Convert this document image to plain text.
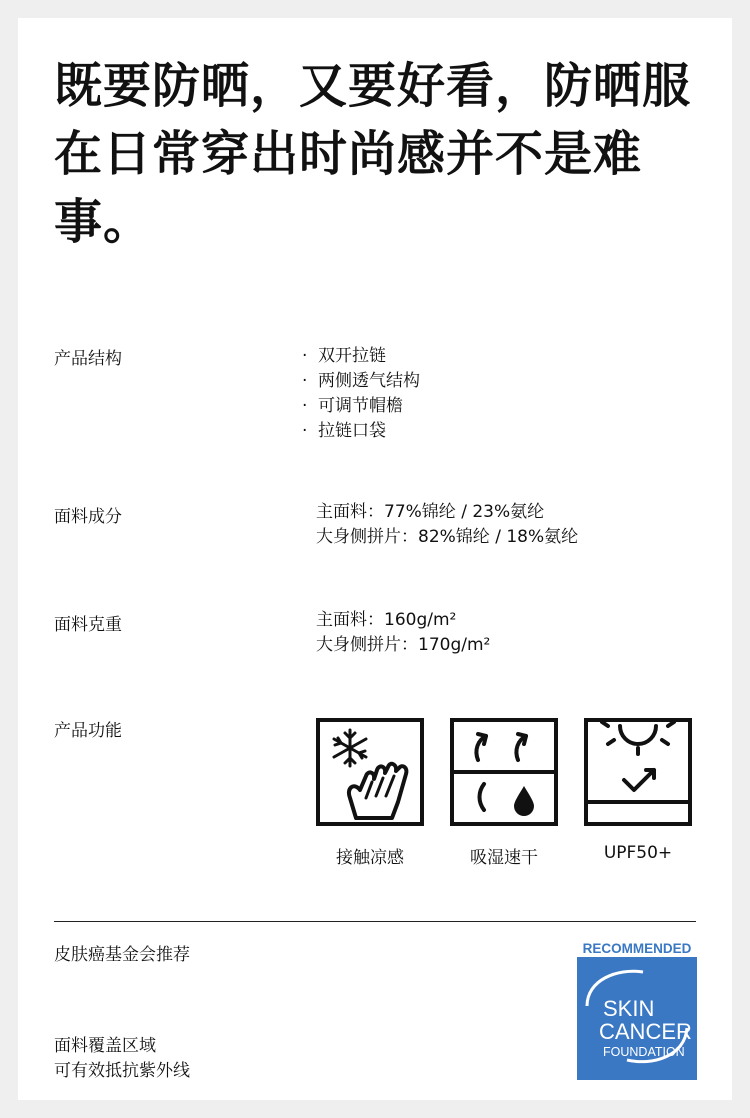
既要防晒，又要好看，防晒服在日常穿出时尚感并不是难事。
产品结构	· 双开拉链
· 两侧透气结构
· 可调节帽檐
· 拉链口袋
面料成分	主面料：77%锦纶 / 23%氨纶
大身侧拼片：82%锦纶 / 18%氨纶
面料克重	主面料：160g/m²
大身侧拼片：170g/m²
产品功能
接触凉感	吸湿速干	UPF50+
皮肤癌基金会推荐
面料覆盖区域
可有效抵抗紫外线
RECOMMENDED
SKIN
CANCER
FOUNDATION
